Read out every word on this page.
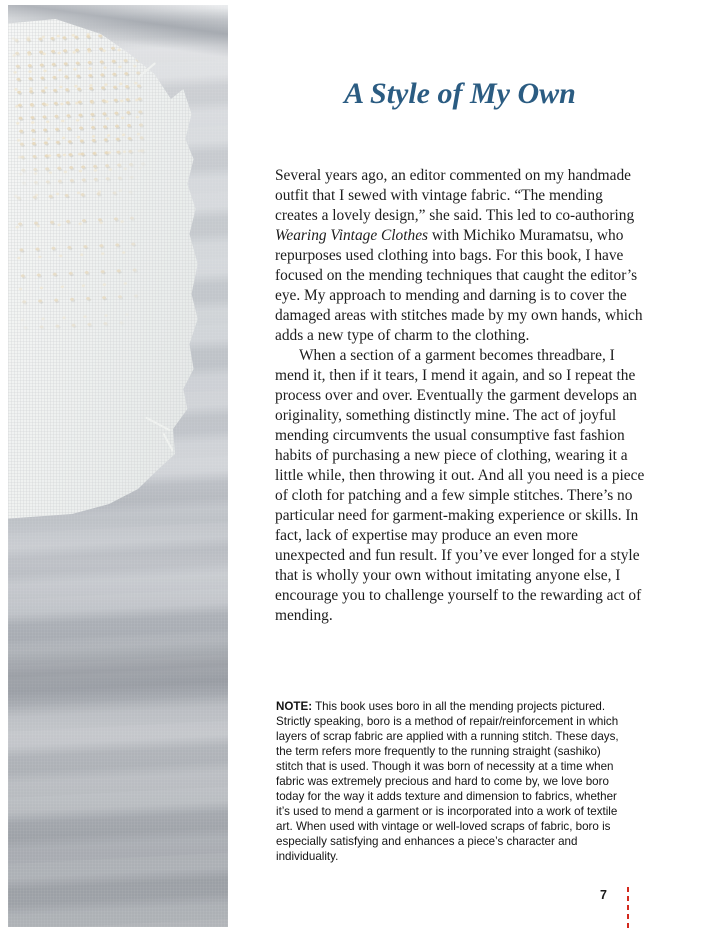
A Style of My Own

Several years ago, an editor commented on my handmade outfit that I sewed with vintage fabric. “The mending creates a lovely design,” she said. This led to co-authoring Wearing Vintage Clothes with Michiko Muramatsu, who repurposes used clothing into bags. For this book, I have focused on the mending techniques that caught the editor’s eye. My approach to mending and darning is to cover the damaged areas with stitches made by my own hands, which adds a new type of charm to the clothing.

When a section of a garment becomes threadbare, I mend it, then if it tears, I mend it again, and so I repeat the process over and over. Eventually the garment develops an originality, something distinctly mine. The act of joyful mending circumvents the usual consumptive fast fashion habits of purchasing a new piece of clothing, wearing it a little while, then throwing it out. And all you need is a piece of cloth for patching and a few simple stitches. There’s no particular need for garment-making experience or skills. In fact, lack of expertise may produce an even more unexpected and fun result. If you’ve ever longed for a style that is wholly your own without imitating anyone else, I encourage you to challenge yourself to the rewarding act of mending.

NOTE: This book uses boro in all the mending projects pictured. Strictly speaking, boro is a method of repair/reinforcement in which layers of scrap fabric are applied with a running stitch. These days, the term refers more frequently to the running straight (sashiko) stitch that is used. Though it was born of necessity at a time when fabric was extremely precious and hard to come by, we love boro today for the way it adds texture and dimension to fabrics, whether it’s used to mend a garment or is incorporated into a work of textile art. When used with vintage or well-loved scraps of fabric, boro is especially satisfying and enhances a piece’s character and individuality.
7
